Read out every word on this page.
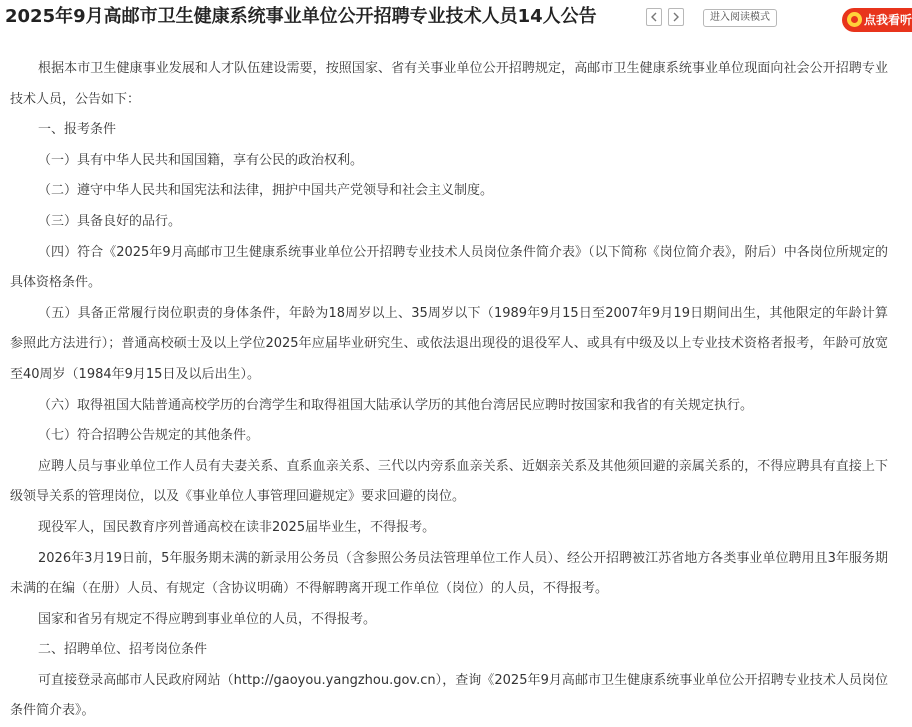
2025年9月高邮市卫生健康系统事业单位公开招聘专业技术人员14人公告	进入阅读模式	点我看听

根据本市卫生健康事业发展和人才队伍建设需要，按照国家、省有关事业单位公开招聘规定，高邮市卫生健康系统事业单位现面向社会公开招聘专业技术人员，公告如下：

一、报考条件

（一）具有中华人民共和国国籍，享有公民的政治权利。

（二）遵守中华人民共和国宪法和法律，拥护中国共产党领导和社会主义制度。

（三）具备良好的品行。

（四）符合《2025年9月高邮市卫生健康系统事业单位公开招聘专业技术人员岗位条件简介表》（以下简称《岗位简介表》，附后）中各岗位所规定的具体资格条件。

（五）具备正常履行岗位职责的身体条件，年龄为18周岁以上、35周岁以下（1989年9月15日至2007年9月19日期间出生，其他限定的年龄计算参照此方法进行）；普通高校硕士及以上学位2025年应届毕业研究生、或依法退出现役的退役军人、或具有中级及以上专业技术资格者报考，年龄可放宽至40周岁（1984年9月15日及以后出生）。

（六）取得祖国大陆普通高校学历的台湾学生和取得祖国大陆承认学历的其他台湾居民应聘时按国家和我省的有关规定执行。

（七）符合招聘公告规定的其他条件。

应聘人员与事业单位工作人员有夫妻关系、直系血亲关系、三代以内旁系血亲关系、近姻亲关系及其他须回避的亲属关系的，不得应聘具有直接上下级领导关系的管理岗位，以及《事业单位人事管理回避规定》要求回避的岗位。

现役军人，国民教育序列普通高校在读非2025届毕业生，不得报考。

2026年3月19日前，5年服务期未满的新录用公务员（含参照公务员法管理单位工作人员）、经公开招聘被江苏省地方各类事业单位聘用且3年服务期未满的在编（在册）人员、有规定（含协议明确）不得解聘离开现工作单位（岗位）的人员，不得报考。

国家和省另有规定不得应聘到事业单位的人员，不得报考。

二、招聘单位、招考岗位条件

可直接登录高邮市人民政府网站（http://gaoyou.yangzhou.gov.cn），查询《2025年9月高邮市卫生健康系统事业单位公开招聘专业技术人员岗位条件简介表》。
